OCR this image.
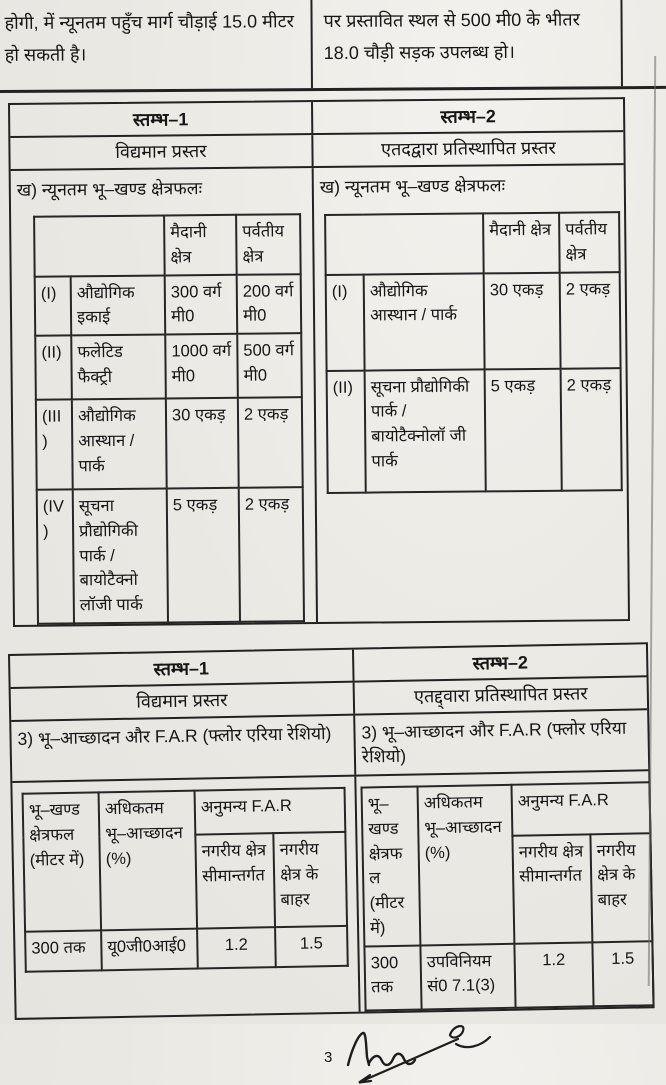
होगी, में न्यूनतम पहुँच मार्ग चौड़ाई 15.0 मीटर हो सकती है।
पर प्रस्तावित स्थल से 500 मी0 के भीतर 18.0 चौड़ी सड़क उपलब्ध हो।
स्तम्भ–1	स्तम्भ–2
विद्यमान प्रस्तर	एतदद्वारा प्रतिस्थापित प्रस्तर
ख) न्यूनतम भू–खण्ड क्षेत्रफलः
		मैदानी क्षेत्र	पर्वतीय क्षेत्र
(I)	औद्योगिक इकाई	300 वर्ग मी0	200 वर्ग मी0
(II)	फलेटिड फैक्ट्री	1000 वर्ग मी0	500 वर्ग मी0
(III)	औद्योगिक आस्थान / पार्क	30 एकड़	2 एकड़
(IV)	सूचना प्रौद्योगिकी पार्क / बायोटैक्नो लॉजी पार्क	5 एकड़	2 एकड़
ख) न्यूनतम भू–खण्ड क्षेत्रफलः
		मैदानी क्षेत्र	पर्वतीय क्षेत्र
(I)	औद्योगिक आस्थान / पार्क	30 एकड़	2 एकड़
(II)	सूचना प्रौद्योगिकी पार्क / बायोटैक्नोलॉ जी पार्क	5 एकड़	2 एकड़
स्तम्भ–1	स्तम्भ–2
विद्यमान प्रस्तर	एतद्द्वारा प्रतिस्थापित प्रस्तर
3) भू–आच्छादन और F.A.R (फ्लोर एरिया रेशियो)	3) भू–आच्छादन और F.A.R (फ्लोर एरिया रेशियो)
भू–खण्ड क्षेत्रफल (मीटर में)	अधिकतम भू–आच्छादन (%)	अनुमन्य F.A.R	
		नगरीय क्षेत्र सीमान्तर्गत	नगरीय क्षेत्र के बाहर
300 तक	यू0जी0आई0	1.2	1.5
भू–खण्ड क्षेत्रफल (मीटर में)	अधिकतम भू–आच्छादन (%)	अनुमन्य F.A.R	
		नगरीय क्षेत्र सीमान्तर्गत	नगरीय क्षेत्र के बाहर
300 तक	उपविनियम सं0 7.1(3)	1.2	1.5
3
